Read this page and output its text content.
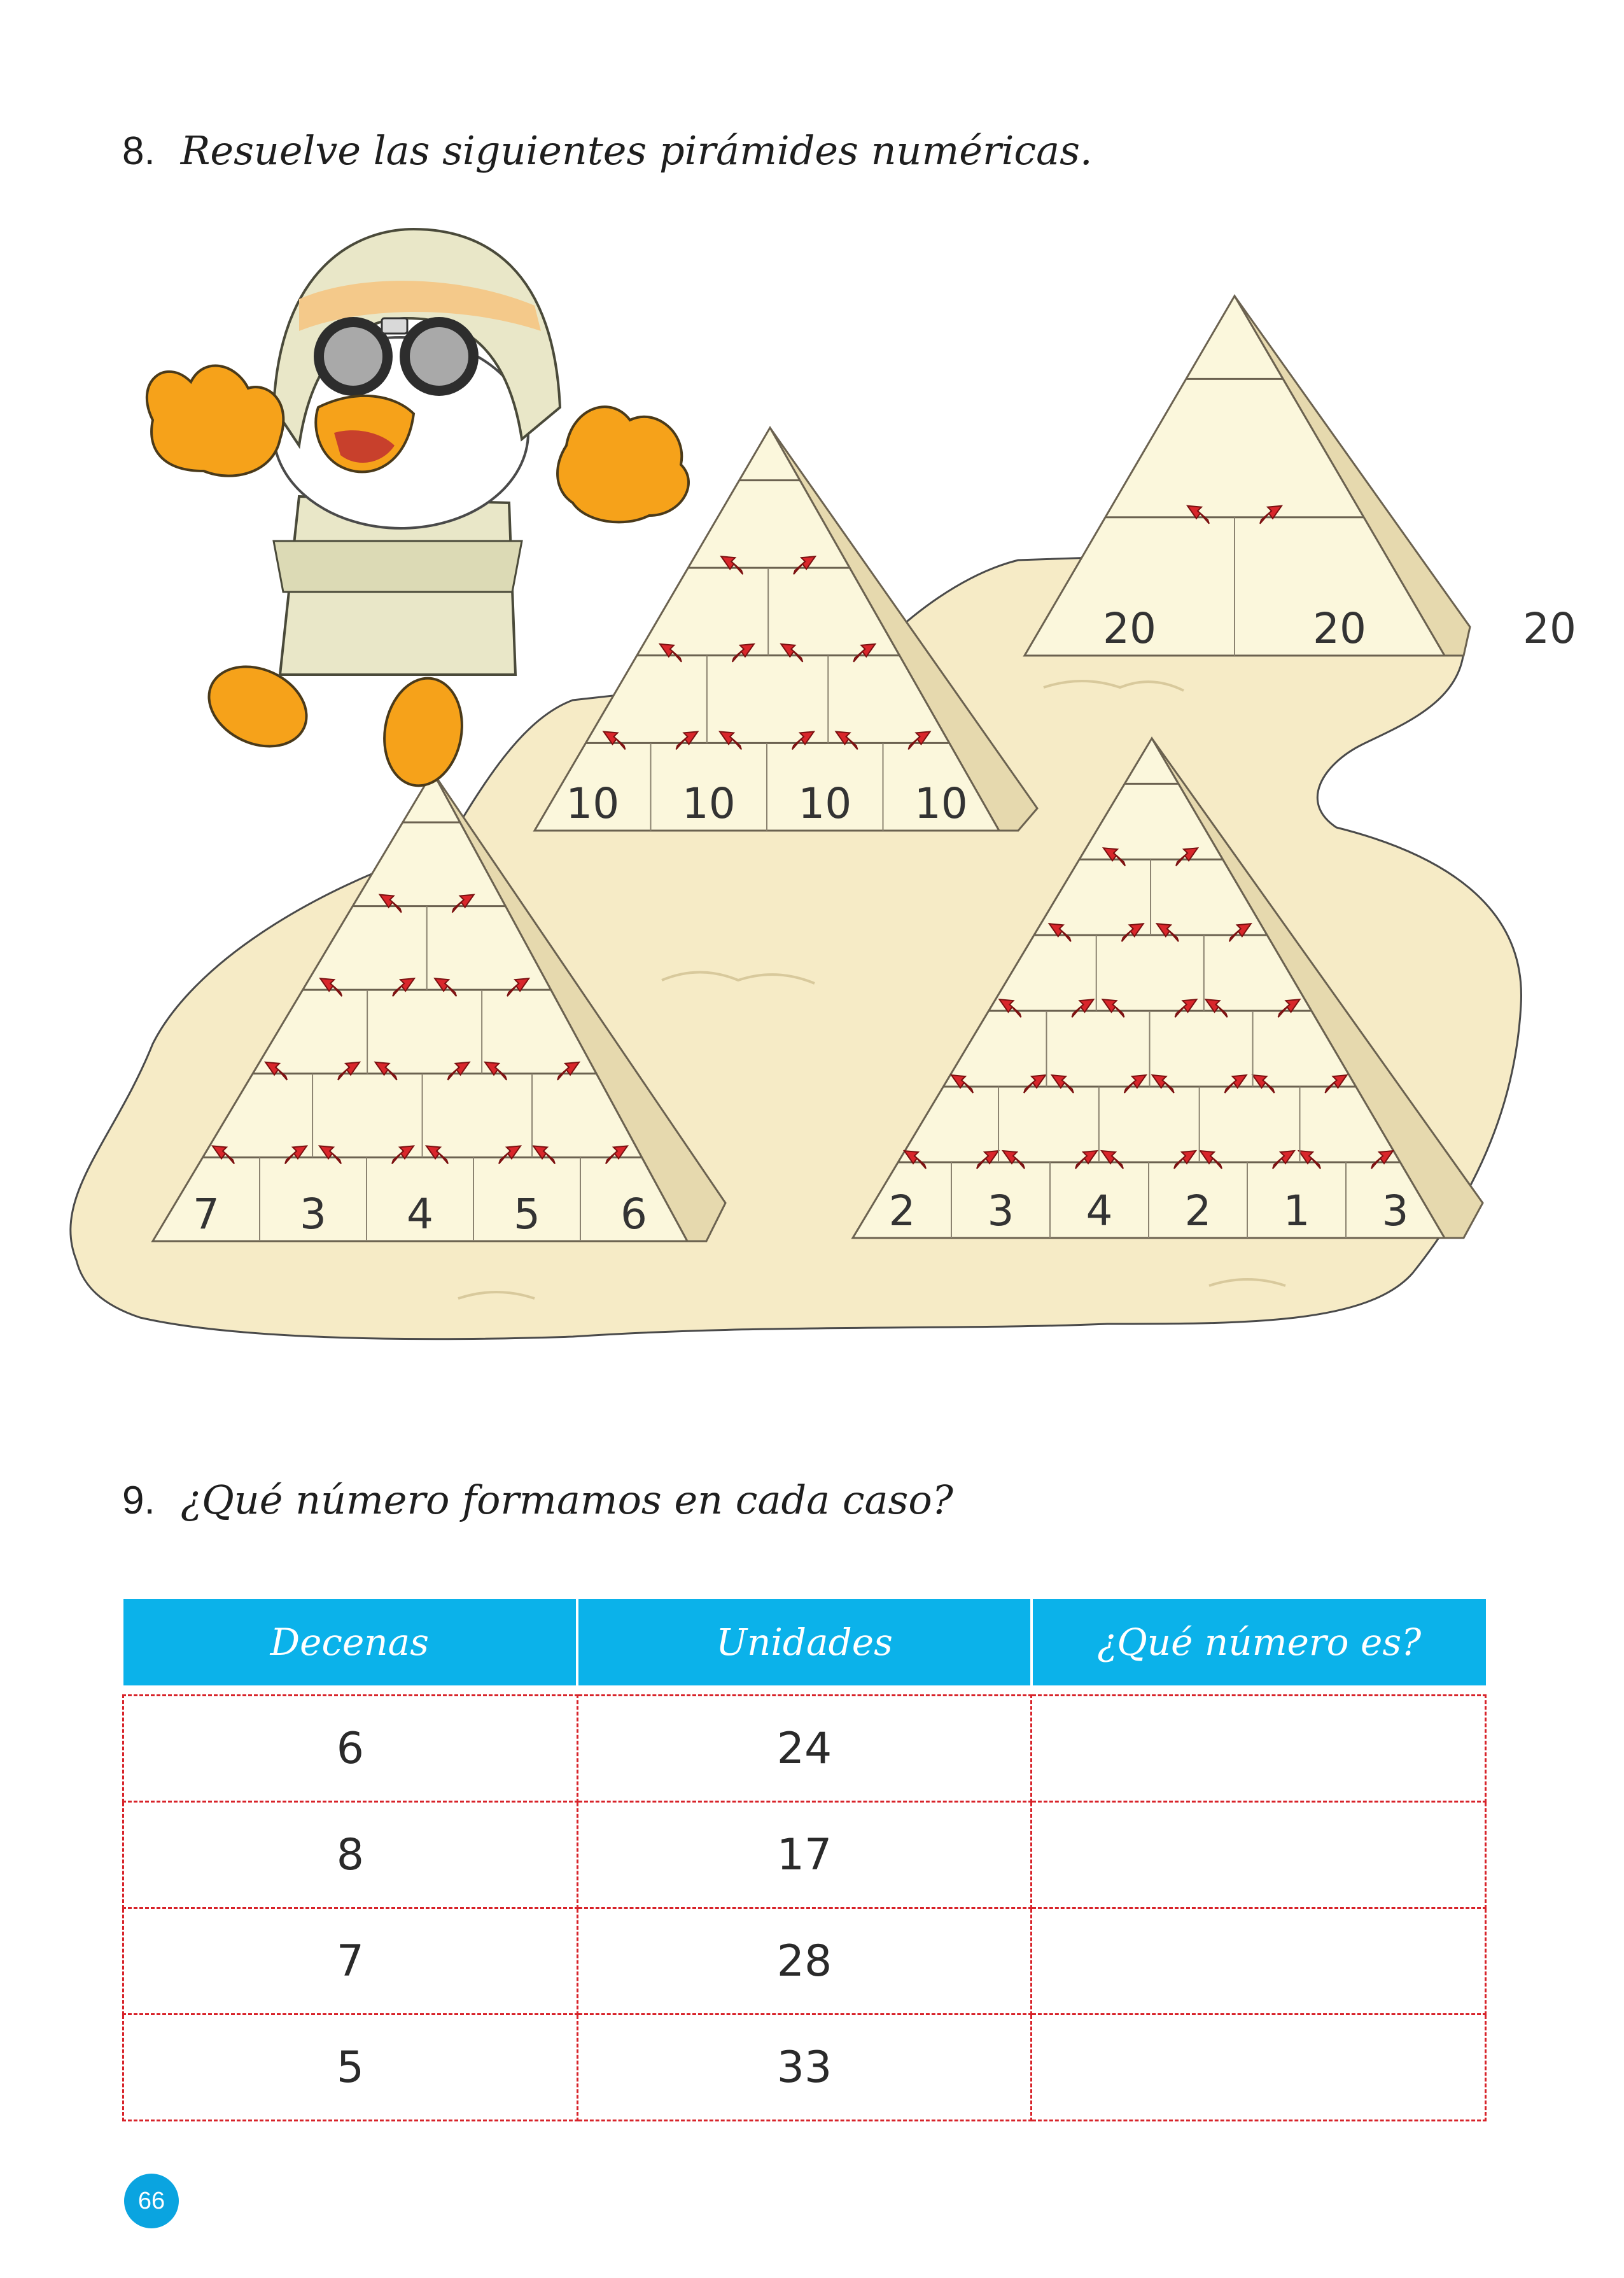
8. Resuelve las siguientes pirámides numéricas.
20	20	20
10 10 10 10
7 3 4 5 6	2 3 4 2 1 3
9. ¿Qué número formamos en cada caso?
Decenas	Unidades	¿Qué número es?

6	24	
8	17	
7	28	
5	33	
66
